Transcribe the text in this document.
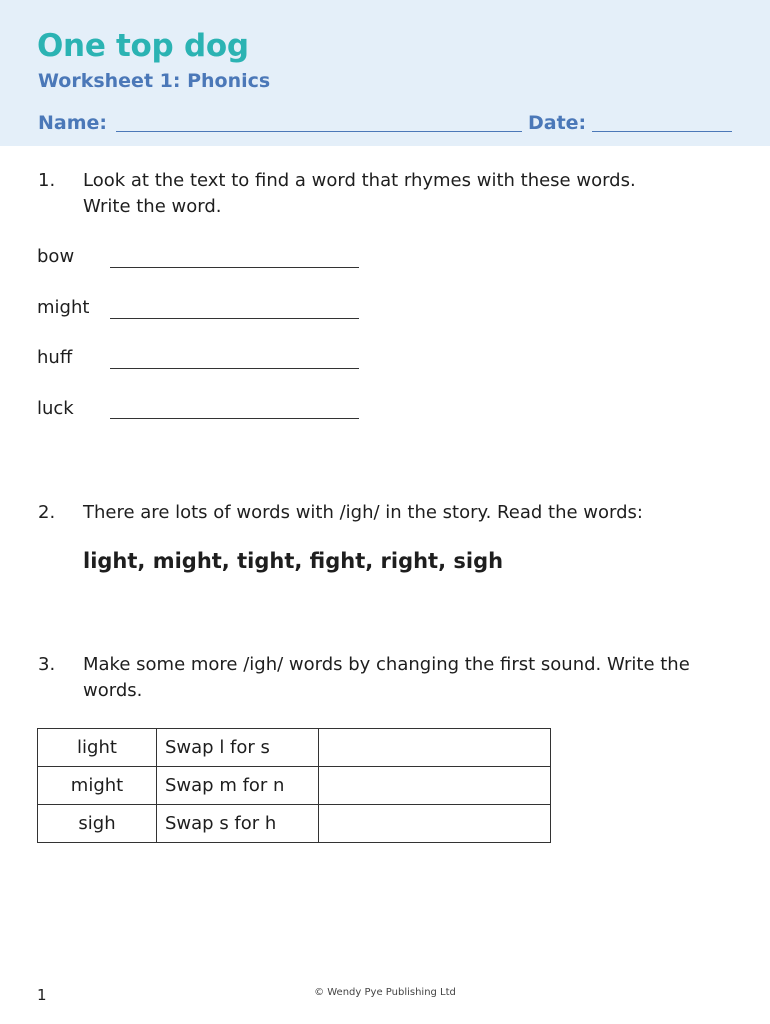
One top dog
Worksheet 1: Phonics
Name:	Date:
1. Look at the text to find a word that rhymes with these words.
Write the word.
bow
might
huff
luck
2. There are lots of words with /igh/ in the story. Read the words:
light, might, tight, fight, right, sigh
3. Make some more /igh/ words by changing the first sound. Write the
words.
light	Swap l for s	
might	Swap m for n	
sigh	Swap s for h	
1	© Wendy Pye Publishing Ltd
